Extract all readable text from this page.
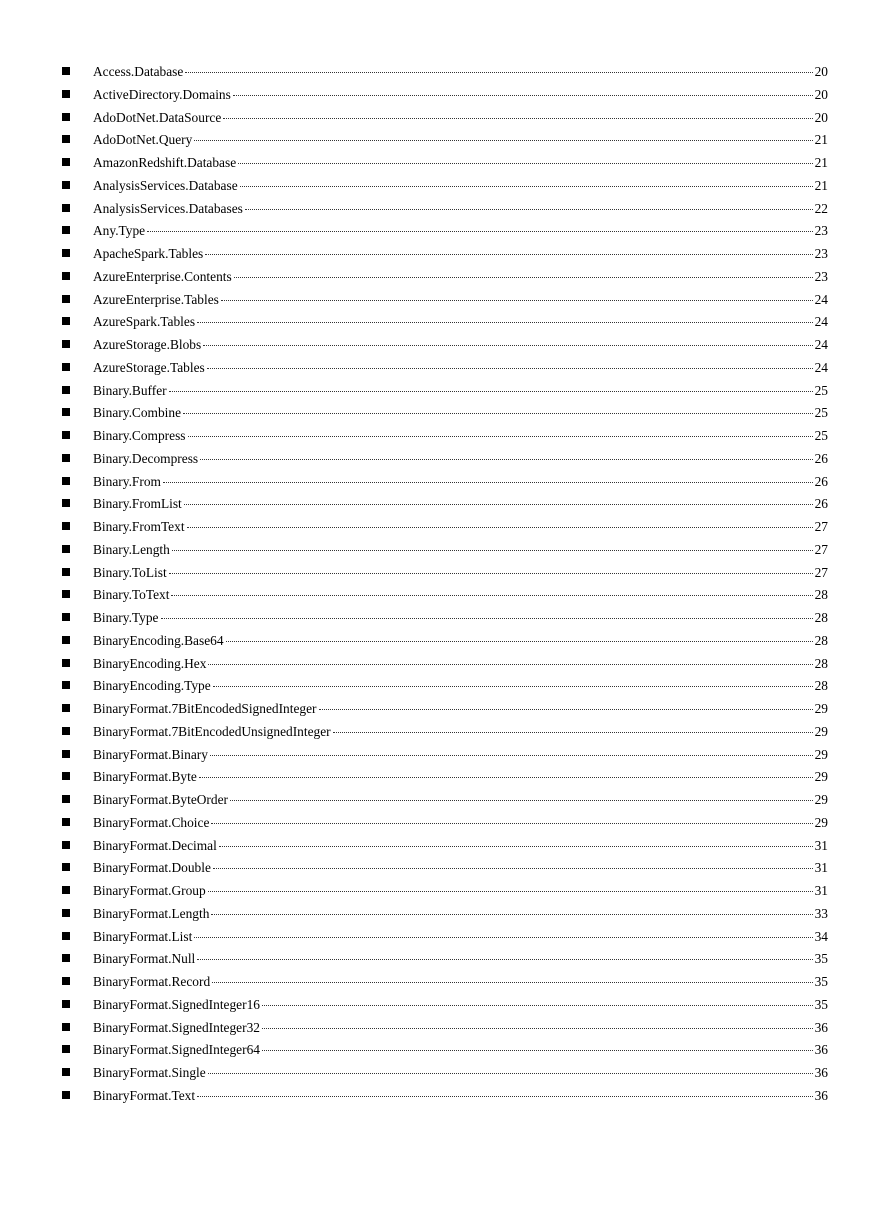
Access.Database	20
ActiveDirectory.Domains	20
AdoDotNet.DataSource	20
AdoDotNet.Query	21
AmazonRedshift.Database	21
AnalysisServices.Database	21
AnalysisServices.Databases	22
Any.Type	23
ApacheSpark.Tables	23
AzureEnterprise.Contents	23
AzureEnterprise.Tables	24
AzureSpark.Tables	24
AzureStorage.Blobs	24
AzureStorage.Tables	24
Binary.Buffer	25
Binary.Combine	25
Binary.Compress	25
Binary.Decompress	26
Binary.From	26
Binary.FromList	26
Binary.FromText	27
Binary.Length	27
Binary.ToList	27
Binary.ToText	28
Binary.Type	28
BinaryEncoding.Base64	28
BinaryEncoding.Hex	28
BinaryEncoding.Type	28
BinaryFormat.7BitEncodedSignedInteger	29
BinaryFormat.7BitEncodedUnsignedInteger	29
BinaryFormat.Binary	29
BinaryFormat.Byte	29
BinaryFormat.ByteOrder	29
BinaryFormat.Choice	29
BinaryFormat.Decimal	31
BinaryFormat.Double	31
BinaryFormat.Group	31
BinaryFormat.Length	33
BinaryFormat.List	34
BinaryFormat.Null	35
BinaryFormat.Record	35
BinaryFormat.SignedInteger16	35
BinaryFormat.SignedInteger32	36
BinaryFormat.SignedInteger64	36
BinaryFormat.Single	36
BinaryFormat.Text	36
